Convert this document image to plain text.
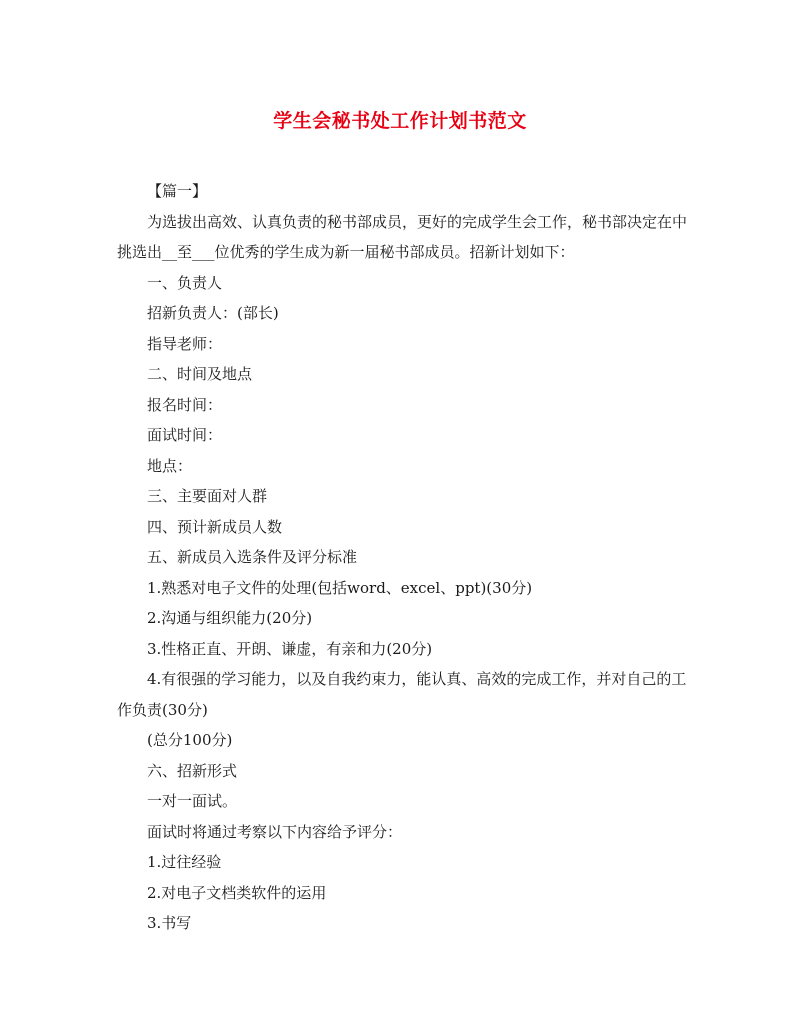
学生会秘书处工作计划书范文

【篇一】

为选拔出高效、认真负责的秘书部成员，更好的完成学生会工作，秘书部决定在中挑选出__至___位优秀的学生成为新一届秘书部成员。招新计划如下：

一、负责人

招新负责人：(部长)

指导老师：

二、时间及地点

报名时间：

面试时间：

地点：

三、主要面对人群

四、预计新成员人数

五、新成员入选条件及评分标准

1.熟悉对电子文件的处理(包括word、excel、ppt)(30分)

2.沟通与组织能力(20分)

3.性格正直、开朗、谦虚，有亲和力(20分)

4.有很强的学习能力，以及自我约束力，能认真、高效的完成工作，并对自己的工作负责(30分)

(总分100分)

六、招新形式

一对一面试。

面试时将通过考察以下内容给予评分：

1.过往经验

2.对电子文档类软件的运用

3.书写
